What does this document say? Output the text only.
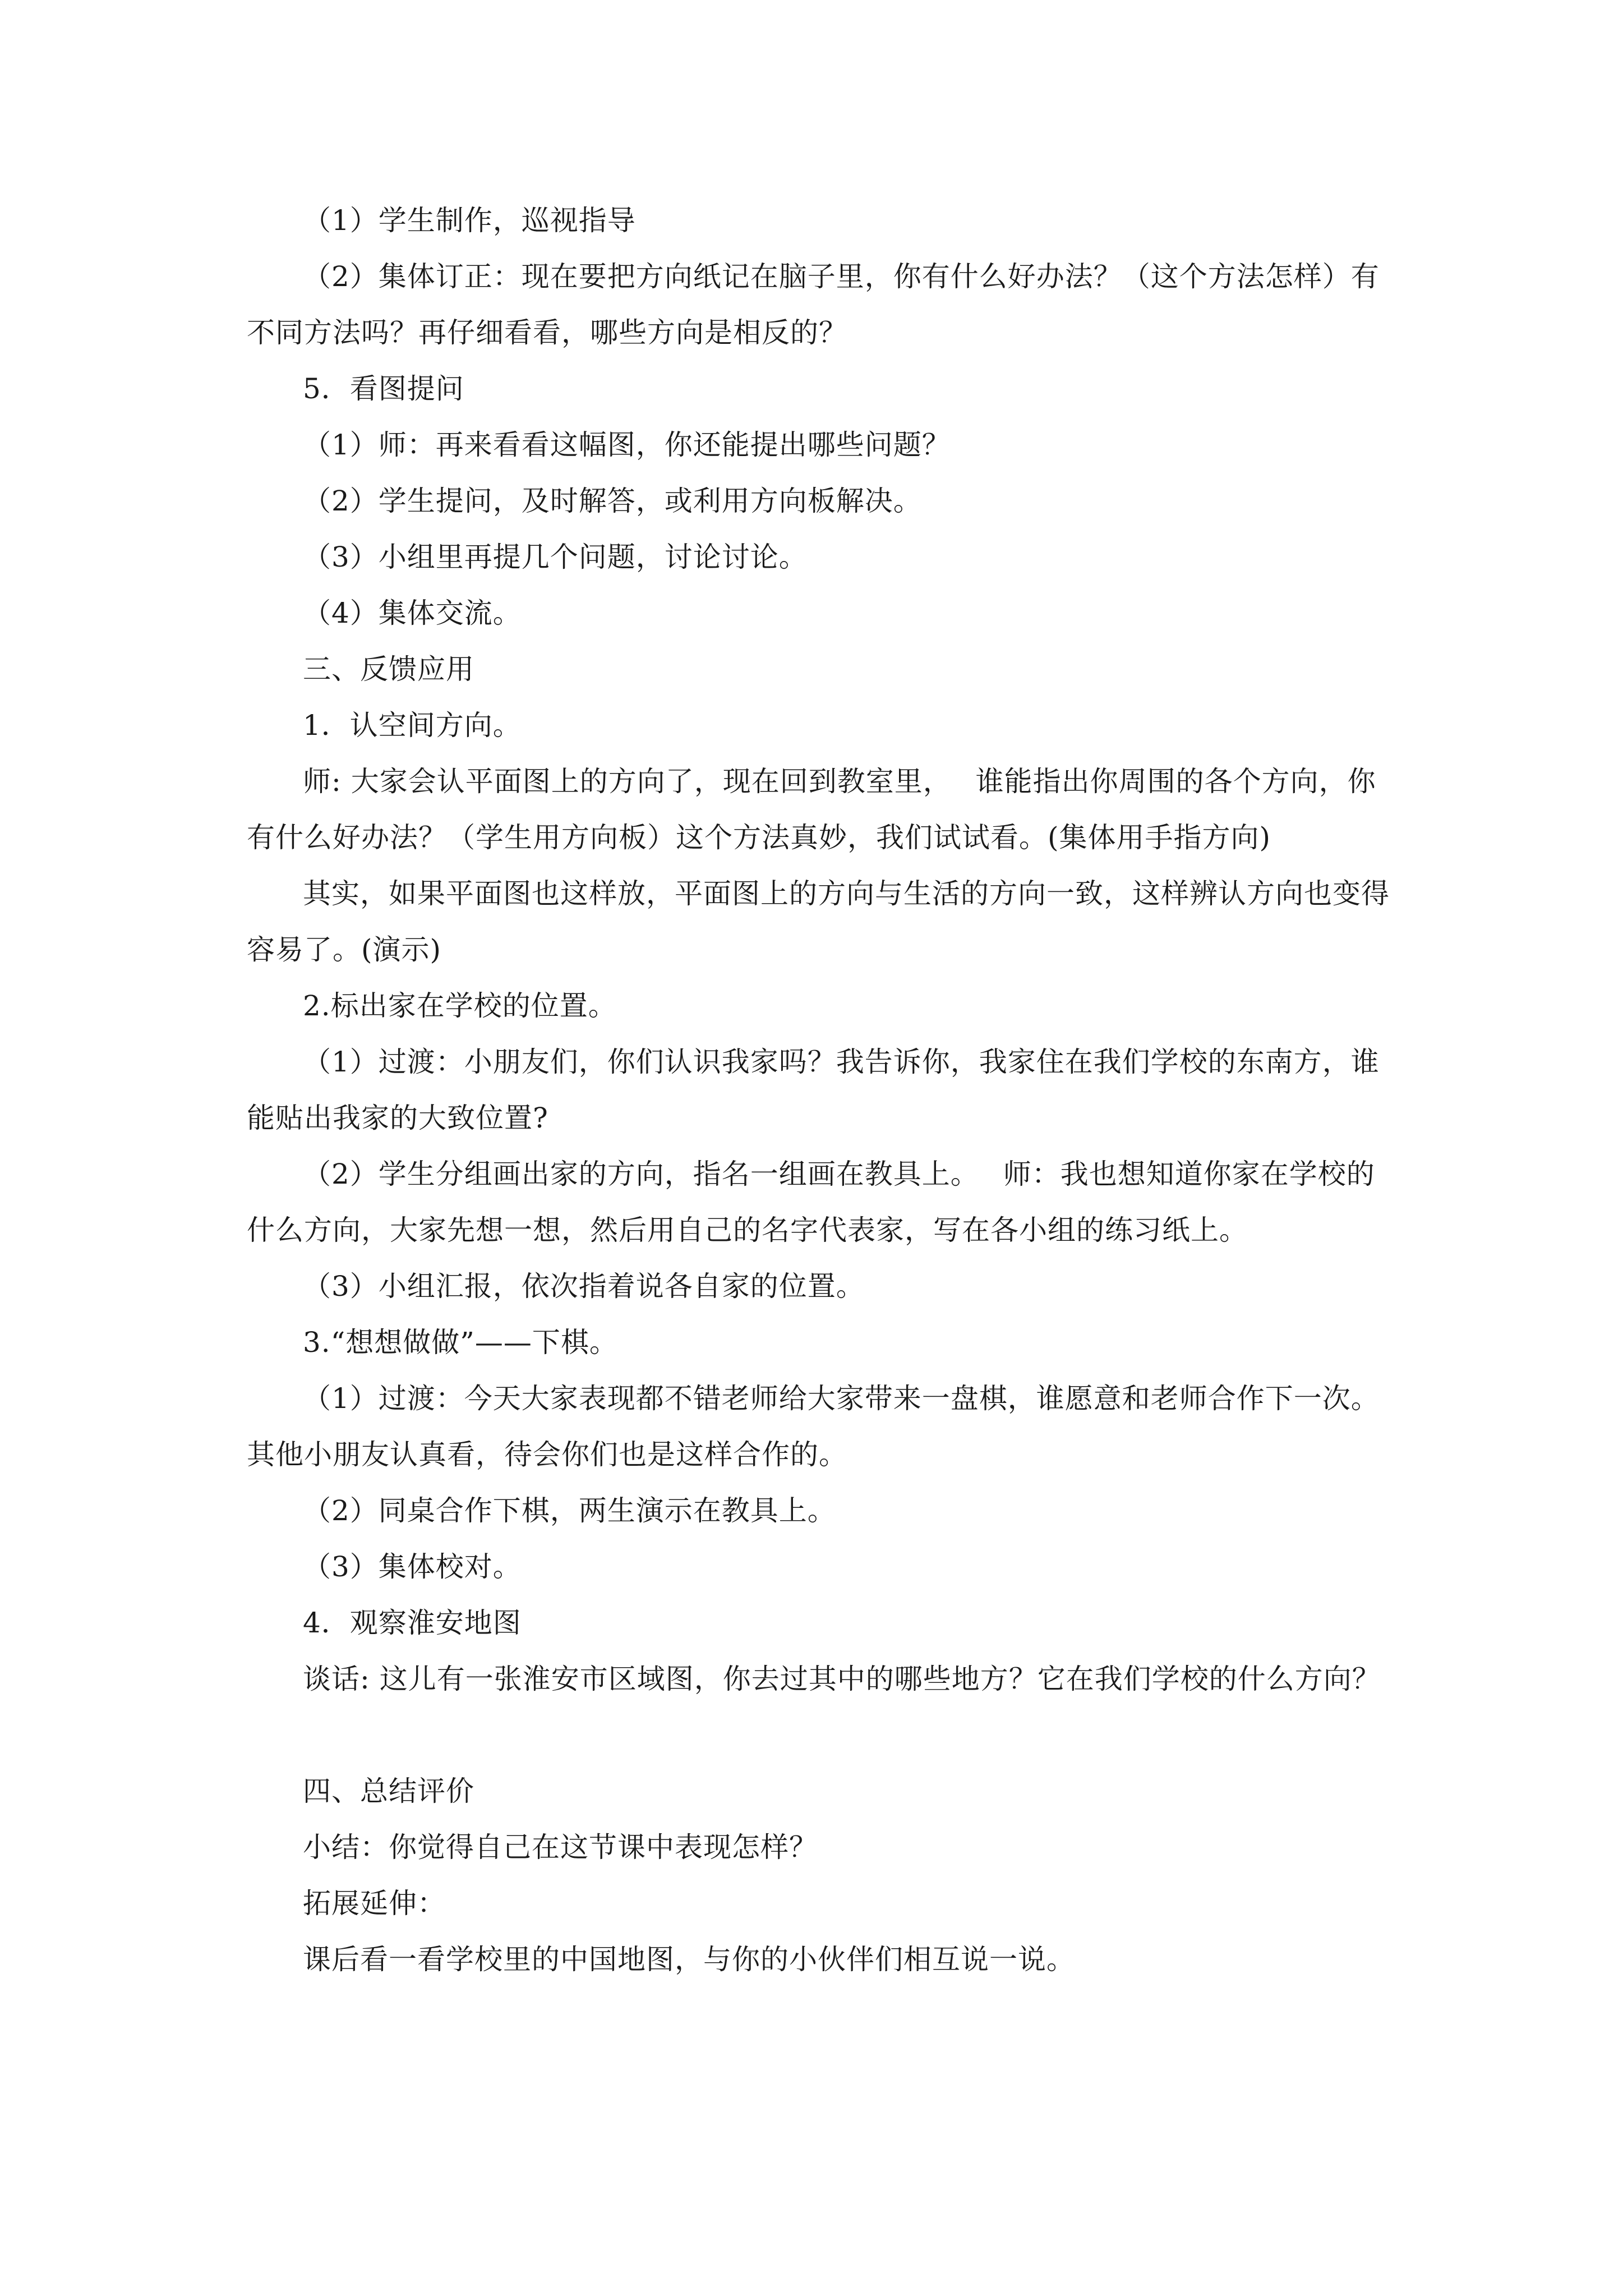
（1）学生制作，巡视指导
（2）集体订正：现在要把方向纸记在脑子里，你有什么好办法？（这个方法怎样）有
不同方法吗？再仔细看看，哪些方向是相反的？
5．看图提问
（1）师：再来看看这幅图，你还能提出哪些问题？
（2）学生提问，及时解答，或利用方向板解决。
（3）小组里再提几个问题，讨论讨论。
（4）集体交流。
三、反馈应用
1．认空间方向。
师: 大家会认平面图上的方向了，现在回到教室里，　 谁能指出你周围的各个方向，你
有什么好办法？（学生用方向板）这个方法真妙，我们试试看。(集体用手指方向)
其实，如果平面图也这样放，平面图上的方向与生活的方向一致，这样辨认方向也变得
容易了。(演示)
2.标出家在学校的位置。
（1）过渡：小朋友们，你们认识我家吗？我告诉你，我家住在我们学校的东南方，谁
能贴出我家的大致位置?
（2）学生分组画出家的方向，指名一组画在教具上。　 师：我也想知道你家在学校的
什么方向，大家先想一想，然后用自己的名字代表家，写在各小组的练习纸上。
（3）小组汇报，依次指着说各自家的位置。
3.“想想做做”——下棋。
（1）过渡：今天大家表现都不错老师给大家带来一盘棋，谁愿意和老师合作下一次。
其他小朋友认真看，待会你们也是这样合作的。
（2）同桌合作下棋，两生演示在教具上。
（3）集体校对。
4．观察淮安地图
谈话: 这儿有一张淮安市区域图，你去过其中的哪些地方？它在我们学校的什么方向？
四、总结评价
小结：你觉得自己在这节课中表现怎样？
拓展延伸：
课后看一看学校里的中国地图，与你的小伙伴们相互说一说。
